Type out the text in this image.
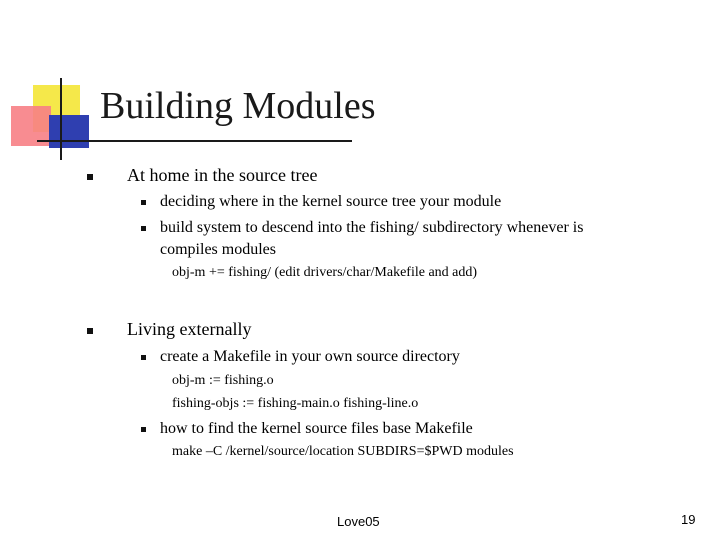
Building Modules
At home in the source tree
deciding where in the kernel source tree your module
build system to descend into the fishing/ subdirectory whenever is
compiles modules
obj-m += fishing/ (edit drivers/char/Makefile and add)
Living externally
create a Makefile in your own source directory
obj-m := fishing.o
fishing-objs := fishing-main.o fishing-line.o
how to find the kernel source files base Makefile
make –C /kernel/source/location SUBDIRS=$PWD modules
Love05	19
